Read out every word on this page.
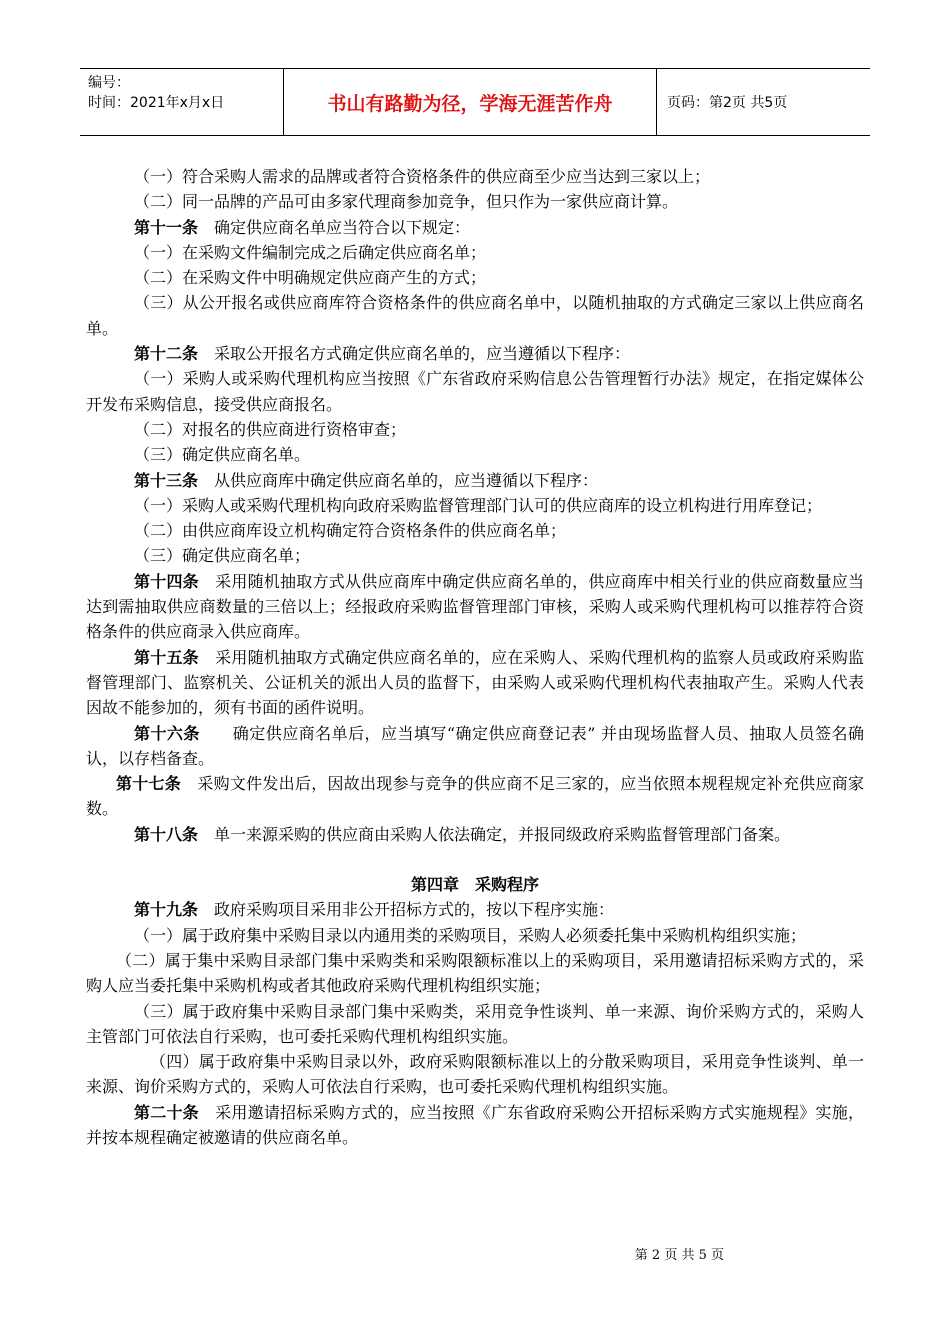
编号：
时间：2021年x月x日	书山有路勤为径，学海无涯苦作舟	页码：第2页 共5页

（一）符合采购人需求的品牌或者符合资格条件的供应商至少应当达到三家以上；

（二）同一品牌的产品可由多家代理商参加竞争，但只作为一家供应商计算。

第十一条　确定供应商名单应当符合以下规定：

（一）在采购文件编制完成之后确定供应商名单；

（二）在采购文件中明确规定供应商产生的方式；

（三）从公开报名或供应商库符合资格条件的供应商名单中，以随机抽取的方式确定三家以上供应商名单。

第十二条　采取公开报名方式确定供应商名单的，应当遵循以下程序：

（一）采购人或采购代理机构应当按照《广东省政府采购信息公告管理暂行办法》规定，在指定媒体公开发布采购信息，接受供应商报名。

（二）对报名的供应商进行资格审查；

（三）确定供应商名单。

第十三条　从供应商库中确定供应商名单的，应当遵循以下程序：

（一）采购人或采购代理机构向政府采购监督管理部门认可的供应商库的设立机构进行用库登记；

（二）由供应商库设立机构确定符合资格条件的供应商名单；

（三）确定供应商名单；

第十四条　采用随机抽取方式从供应商库中确定供应商名单的，供应商库中相关行业的供应商数量应当达到需抽取供应商数量的三倍以上；经报政府采购监督管理部门审核，采购人或采购代理机构可以推荐符合资格条件的供应商录入供应商库。

第十五条　采用随机抽取方式确定供应商名单的，应在采购人、采购代理机构的监察人员或政府采购监督管理部门、监察机关、公证机关的派出人员的监督下，由采购人或采购代理机构代表抽取产生。采购人代表因故不能参加的，须有书面的函件说明。

第十六条　　确定供应商名单后，应当填写“确定供应商登记表” 并由现场监督人员、抽取人员签名确认，以存档备查。

第十七条　采购文件发出后，因故出现参与竞争的供应商不足三家的，应当依照本规程规定补充供应商家数。

第十八条　单一来源采购的供应商由采购人依法确定，并报同级政府采购监督管理部门备案。

第四章　采购程序

第十九条　政府采购项目采用非公开招标方式的，按以下程序实施：

（一）属于政府集中采购目录以内通用类的采购项目，采购人必须委托集中采购机构组织实施；

（二）属于集中采购目录部门集中采购类和采购限额标准以上的采购项目，采用邀请招标采购方式的，采购人应当委托集中采购机构或者其他政府采购代理机构组织实施；

（三）属于政府集中采购目录部门集中采购类，采用竞争性谈判、单一来源、询价采购方式的，采购人主管部门可依法自行采购，也可委托采购代理机构组织实施。

（四）属于政府集中采购目录以外，政府采购限额标准以上的分散采购项目，采用竞争性谈判、单一来源、询价采购方式的，采购人可依法自行采购，也可委托采购代理机构组织实施。

第二十条　采用邀请招标采购方式的，应当按照《广东省政府采购公开招标采购方式实施规程》实施，并按本规程确定被邀请的供应商名单。

第 2 页 共 5 页
